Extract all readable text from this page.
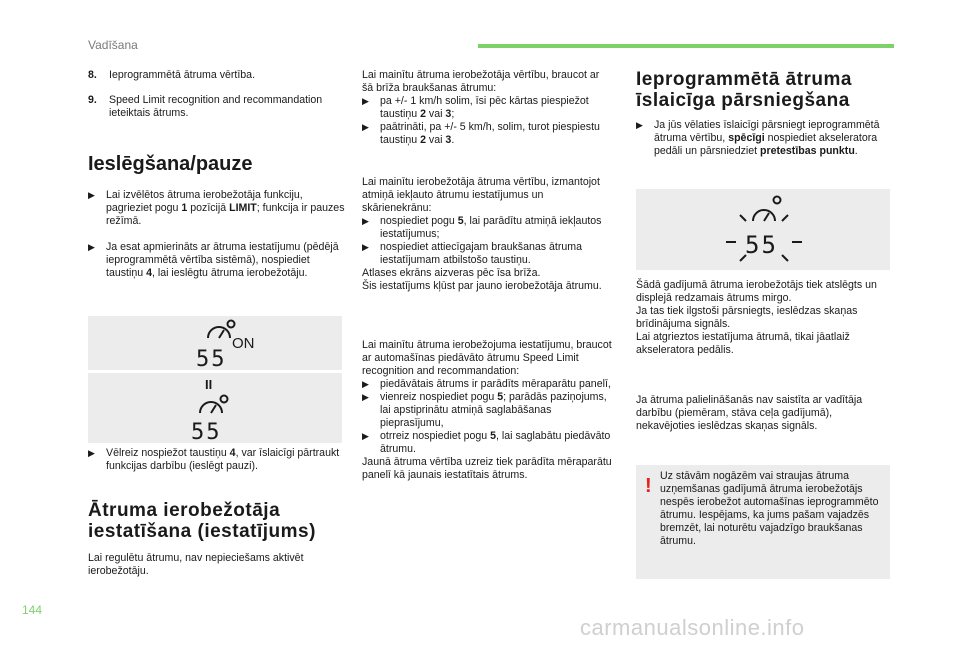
Vadīšana
8.	Ieprogrammētā ātruma vērtība.
9.	Speed Limit recognition and recommandation ieteiktais ātrums.
Ieslēgšana/pauze
▶	Lai izvēlētos ātruma ierobežotāja funkciju, pagrieziet pogu 1 pozīcijā LIMIT; funkcija ir pauzes režīmā.
▶	Ja esat apmierināts ar ātruma iestatījumu (pēdējā ieprogrammētā vērtība sistēmā), nospiediet taustiņu 4, lai ieslēgtu ātruma ierobežotāju.
55
ON
II
55
▶	Vēlreiz nospiežot taustiņu 4, var īslaicīgi pārtraukt funkcijas darbību (ieslēgt pauzi).
Ātruma ierobežotāja iestatīšana (iestatījums)
Lai regulētu ātrumu, nav nepieciešams aktivēt ierobežotāju.
Lai mainītu ātruma ierobežotāja vērtību, braucot ar šā brīža braukšanas ātrumu:
▶	pa +/- 1 km/h solim, īsi pēc kārtas piespiežot taustiņu 2 vai 3;
▶	paātrināti, pa +/- 5 km/h, solim, turot piespiestu taustiņu 2 vai 3.
Lai mainītu ierobežotāja ātruma vērtību, izmantojot atmiņā iekļauto ātrumu iestatījumus un skārienekrānu:
▶	nospiediet pogu 5, lai parādītu atmiņā iekļautos iestatījumus;
▶	nospiediet attiecīgajam braukšanas ātruma iestatījumam atbilstošo taustiņu.
Atlases ekrāns aizveras pēc īsa brīža.
Šis iestatījums kļūst par jauno ierobežotāja ātrumu.
Lai mainītu ātruma ierobežojuma iestatījumu, braucot ar automašīnas piedāvāto ātrumu Speed Limit recognition and recommandation:
▶	piedāvātais ātrums ir parādīts mēraparātu panelī,
▶	vienreiz nospiediet pogu 5; parādās paziņojums, lai apstiprinātu atmiņā saglabāšanas pieprasījumu,
▶	otrreiz nospiediet pogu 5, lai saglabātu piedāvāto ātrumu.
Jaunā ātruma vērtība uzreiz tiek parādīta mēraparātu panelī kā jaunais iestatītais ātrums.
Ieprogrammētā ātruma īslaicīga pārsniegšana
▶	Ja jūs vēlaties īslaicīgi pārsniegt ieprogrammētā ātruma vērtību, spēcīgi nospiediet akseleratora pedāli un pārsniedziet pretestības punktu.
55
Šādā gadījumā ātruma ierobežotājs tiek atslēgts un displejā redzamais ātrums mirgo.
Ja tas tiek ilgstoši pārsniegts, ieslēdzas skaņas brīdinājuma signāls.
Lai atgrieztos iestatījuma ātrumā, tikai jāatlaiž akseleratora pedālis.
Ja ātruma palielināšanās nav saistīta ar vadītāja darbību (piemēram, stāva ceļa gadījumā), nekavējoties ieslēdzas skaņas signāls.
! Uz stāvām nogāzēm vai straujas ātruma uzņemšanas gadījumā ātruma ierobežotājs nespēs ierobežot automašīnas ieprogrammēto ātrumu. Iespējams, ka jums pašam vajadzēs bremzēt, lai noturētu vajadzīgo braukšanas ātrumu.
144
carmanualsonline.info
